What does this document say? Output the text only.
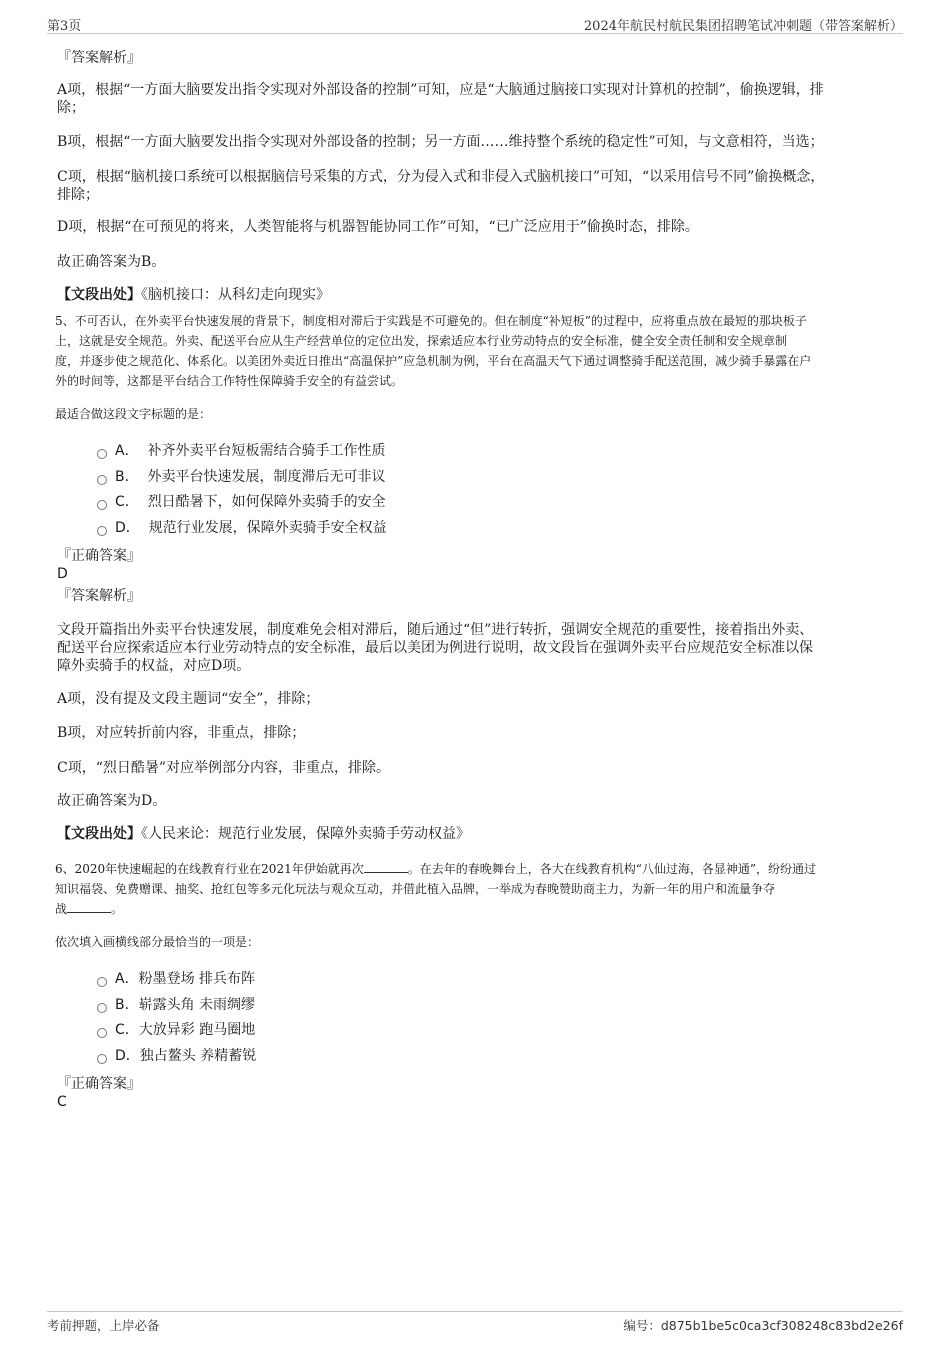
第3页	2024年航民村航民集团招聘笔试冲刺题（带答案解析）
『答案解析』
A项，根据“一方面大脑要发出指令实现对外部设备的控制”可知，应是“大脑通过脑接口实现对计算机的控制”，偷换逻辑，排
除；
B项，根据“一方面大脑要发出指令实现对外部设备的控制；另一方面……维持整个系统的稳定性”可知，与文意相符，当选；
C项，根据“脑机接口系统可以根据脑信号采集的方式，分为侵入式和非侵入式脑机接口”可知，“以采用信号不同”偷换概念，
排除；
D项，根据“在可预见的将来，人类智能将与机器智能协同工作”可知，“已广泛应用于”偷换时态，排除。
故正确答案为B。
【文段出处】《脑机接口：从科幻走向现实》
5、不可否认，在外卖平台快速发展的背景下，制度相对滞后于实践是不可避免的。但在制度“补短板”的过程中，应将重点放在最短的那块板子
上，这就是安全规范。外卖、配送平台应从生产经营单位的定位出发，探索适应本行业劳动特点的安全标准，健全安全责任制和安全规章制
度，并逐步使之规范化、体系化。以美团外卖近日推出“高温保护”应急机制为例，平台在高温天气下通过调整骑手配送范围，减少骑手暴露在户
外的时间等，这都是平台结合工作特性保障骑手安全的有益尝试。
最适合做这段文字标题的是：
A． 补齐外卖平台短板需结合骑手工作性质
B． 外卖平台快速发展，制度滞后无可非议
C． 烈日酷暑下，如何保障外卖骑手的安全
D． 规范行业发展，保障外卖骑手安全权益
『正确答案』
D
『答案解析』
文段开篇指出外卖平台快速发展，制度难免会相对滞后，随后通过“但”进行转折，强调安全规范的重要性，接着指出外卖、
配送平台应探索适应本行业劳动特点的安全标准，最后以美团为例进行说明，故文段旨在强调外卖平台应规范安全标准以保
障外卖骑手的权益，对应D项。
A项，没有提及文段主题词“安全”，排除；
B项，对应转折前内容，非重点，排除；
C项，“烈日酷暑”对应举例部分内容，非重点，排除。
故正确答案为D。
【文段出处】《人民来论：规范行业发展，保障外卖骑手劳动权益》
6、2020年快速崛起的在线教育行业在2021年伊始就再次	。在去年的春晚舞台上，各大在线教育机构“八仙过海，各显神通”，纷纷通过
知识福袋、免费赠课、抽奖、抢红包等多元化玩法与观众互动，并借此植入品牌，一举成为春晚赞助商主力，为新一年的用户和流量争夺
战	。
依次填入画横线部分最恰当的一项是：
A．粉墨登场 排兵布阵
B．崭露头角 未雨绸缪
C．大放异彩 跑马圈地
D．独占鳌头 养精蓄锐
『正确答案』
C
考前押题，上岸必备	编号：d875b1be5c0ca3cf308248c83bd2e26f
